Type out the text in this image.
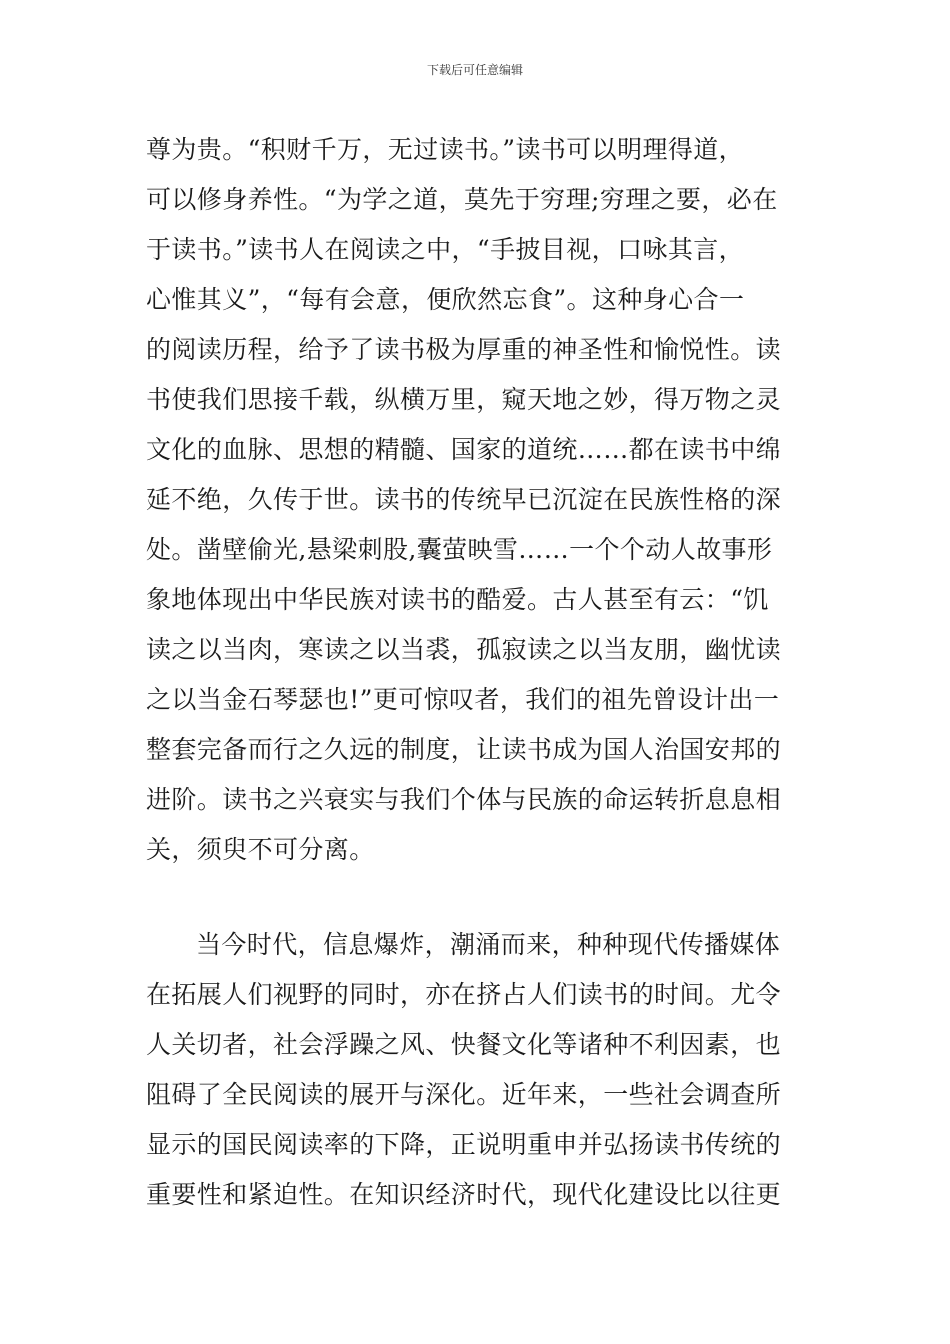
下载后可任意编辑
尊为贵。“积财千万，无过读书。”读书可以明理得道，
可以修身养性。“为学之道，莫先于穷理;穷理之要，必在
于读书。”读书人在阅读之中，“手披目视，口咏其言，
心惟其义”，“每有会意，便欣然忘食”。这种身心合一
的阅读历程，给予了读书极为厚重的神圣性和愉悦性。读
书使我们思接千载，纵横万里，窥天地之妙，得万物之灵
文化的血脉、思想的精髓、国家的道统……都在读书中绵
延不绝，久传于世。读书的传统早已沉淀在民族性格的深
处。凿壁偷光,悬梁刺股,囊萤映雪……一个个动人故事形
象地体现出中华民族对读书的酷爱。古人甚至有云：“饥
读之以当肉，寒读之以当裘，孤寂读之以当友朋，幽忧读
之以当金石琴瑟也!”更可惊叹者，我们的祖先曾设计出一
整套完备而行之久远的制度，让读书成为国人治国安邦的
进阶。读书之兴衰实与我们个体与民族的命运转折息息相
关，须臾不可分离。
当今时代，信息爆炸，潮涌而来，种种现代传播媒体
在拓展人们视野的同时，亦在挤占人们读书的时间。尤令
人关切者，社会浮躁之风、快餐文化等诸种不利因素，也
阻碍了全民阅读的展开与深化。近年来，一些社会调查所
显示的国民阅读率的下降，正说明重申并弘扬读书传统的
重要性和紧迫性。在知识经济时代，现代化建设比以往更
